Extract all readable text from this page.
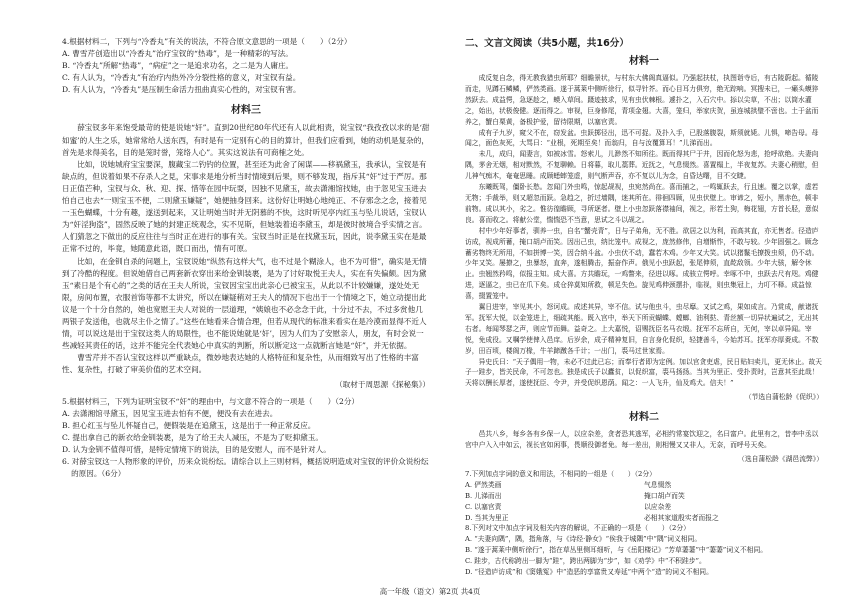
4.根据材料二，下列与“冷香丸”有关的说法，不符合原文意思的一项是（　　）（2分）

A. 曹雪芹创造出以“冷香丸”治疗宝钗的“热毒”，是一种精彩的写法。

B. “冷香丸”所解“热毒”，“病症”之一是追求功名，之二是为人庸庄。

C. 有人认为，“冷香丸”有治疗内热外冷分裂性格的意义，对宝钗有益。

D. 有人认为，“冷香丸”是压制生命活力扭曲真实心性的，对宝钗有害。

材料三

薛宝钗多年来饱受最苛的使是说她“奸”。直到20世纪80年代还有人以此相责，说宝钗“我孜孜以求的是‘甜如蜜’的人生之乐，她常常给人送东西，有时是有一定别有心的目的算计，但我们应看到，她的动机是复杂的，首先是求得美名，目的是笼时誉，笼络人心”。其实这说法有可商榷之处。

比如，说她城府宝宝要深，腹藏宝二钓钓的位置，甚至还为此舍了闲谋——移祸黛玉，我承认，宝钗是有缺点的，但说着如果不存杀人之見，宋事求是地分析当时情境到后果，则不够发现，指斥其“奸”过于严厉。那日正值芒种，宝钗与众、秋、迎、探、惜等在园中玩耍，因独不见黛玉，故去潇湘馆找她，由于忽见宝玉进去怕自己也去“一则宝玉不便，二则黛玉嫌疑”，她便抽身回来。这份好让明她心地纯正、不存邪念之念，接着见一玉色蝴蝶，十分有趣，遂送到起来，又让明她当时并无阴慕的不快，这时听见亭内红玉与坠儿说话，宝钗认为“奸淫狗盗”，固然反映了她的封建正统观念，实不见斯，但她装着追李黛玉，却是彼时彼境合乎实情之言。人们猜忽之下做出的反应往往与当时正在进行的事有关。宝钗当时正是在找黛玉玩，因此，说李黛玉实在是最正常不过的，毕竟，她随意此语，既口而出，情有可原。

比如，在金钏自杀的问题上，宝钗说她“纵然有这样大气，也不过是个糊涂人，也不为可惜”，确实是无情到了冷酷的程度。但说她借自己两套新衣穿出来给金钏装裹，是为了讨好取悦王夫人，实在有失偏颇。因为黛玉“素日是个有心的”之类的话在王夫人所说，宝钗因宝宝出此亲心已被宝玉，从此以不计较嫌嫌，遂处处无限，房间布置，衣服首饰等都不太讲究，所以在嫌疑稍对王夫人的情况下也出于一个情境之下，她立动提出此议是一个十分自然的，她也宽慰王夫人对说的一层道理，“姨娘也不必念念于此，十分过不去，不过多赏他几两银子发送他，也就尽主仆之情了。”这些在她看来合情合理，但若从现代的标准来看实在是冷漠而显得不近人情，可以说这是出于宝钗这类人的局限性，也不能说她就是‘奸’，因为人们为了安慰亲人，朋友，有时会说一些减轻其责任的话，这并不能完全代表她心中真实的判断，所以断定这一点就断言她是“奸”，并无依据。

曹雪芹并不否认宝钗这样以严重缺点，微妙地表达她的人格特征和复杂性，从而细致写出了性格的丰富性、复杂性，打破了审美价值的艺术空间。

（取材于周思源《探秘集》）

5.根据材料三，下列为证明宝钗不“奸”的理由中，与文意不符合的一项是（　　）（2分）

A. 去潇湘馆寻黛玉，因见宝玉进去怕有不便，便没有去在进去。

B. 担心红玉与坠儿怀疑自己，便假装是在追黛玉，这是出于一种正常反应。

C. 提出拿自己的新衣给金钏装裹，是为了给王夫人减压，不是为了贬抑黛玉。

D. 认为金钏不值得可惜，是特定情境下的说法，目的是安慰人，而不是针对人。

6. 对薛宝钗这一人物形象的评价，历来众说纷纭。请综合以上三则材料，概括说明造成对宝钗的评价众说纷纭的原因。（6分）

二、文言文阅读（共5小题，共16分）
材料一

成反复自念，得无教我猎虫所耶？细瞻景状，与村东大佛阁真逼似。乃强起扶杖，执图诣寺后，有古陵蔚起。循陵而走，见蹲石鳞鳞，俨然类画。遂于蒿莱中侧听徐行，似寻针芥。而心目耳力俱穷，绝无踪响。冥搜未已，一癞头蟆猝然跃去。成益愕，急逐趁之，蟆入草间。蹑迹披求，见有虫伏棘根。遽扑之，入石穴中。掭以尖草，不出；以筒水灌之，始出，状极俊健。逐而得之。审视，巨身修尾，青项金翅。大喜，笼归，举家庆贺，虽连城拱璧不啻也。土于盆而养之，蟹白栗黄，备极护爱，留待限期，以塞官责。

成有子九岁，窥父不在，窃发盆。虫跃掷径出，迅不可捉。及扑入手，已股落腹裂，斯须就毙。儿惧，啼告母。母闻之，面色灰死，大骂曰：“业根，死期至矣！而翁归，自与汝覆算耳！”儿涕而出。

未几，成归，闻妻言，如被冰雪。怒索儿，儿渺然不知所往。既而得其尸于井，因而化怒为悲，抢呼欲绝。夫妻向隅，茅舍无烟，相对默然，不复聊赖。日将暮，取儿藁葬。近抚之，气息惙然。喜置榻上，半夜复苏。夫妻心稍慰，但儿神气痴木，奄奄思睡。成顾蟋蟀笼虚，则气断声吞，亦不复以儿为念，自昏达曙，目不交睫。

东曦既驾，僵卧长愁。忽闻门外虫鸣，惊起觇视，虫宛然尚在。喜而捕之，一鸣辄跃去，行且速。覆之以掌，虚若无物；手裁举，则又超忽而跃。急趋之，折过墙隅，迷其所在。徘徊四顾，见虫伏壁上。审谛之，短小，黑赤色，顿非前物。成以其小，劣之。惟彷徨瞻顾，寻所逐者。壁上小虫忽跃落襟袖间，视之，形若土狗，梅花翅，方首长胫，意似良。喜而收之。将献公堂，惴惴恐不当意，思试之斗以觇之。

村中少年好事者，驯养一虫，自名“蟹壳青”，日与子弟角，无不胜。欲居之以为利，而高其直，亦无售者。径造庐访成，视成所蓄，掩口胡卢而笑。因出己虫，纳比笼中。成视之，庞然修伟，自增惭怍，不敢与较。少年固强之。顾念蓄劣物终无所用，不如拼博一笑，因合纳斗盆。小虫伏不动，蠢若木鸡。少年又大笑。试以猪鬣毛撩拨虫须，仍不动。少年又笑。屡撩之，虫暴怒，直奔，遂相腾击，振奋作声。俄见小虫跃起，张尾伸须，直龁敌领。少年大骇，解令休止。虫翘然矜鸣，似报主知。成大喜。方共瞻玩，一鸡瞥来，径进以啄。成骇立愕呼。幸啄不中，虫跃去尺有咫。鸡健进，逐逼之，虫已在爪下矣。成仓猝莫知所救，顿足失色。旋见鸡伸颈摆扑，临视，则虫集冠上，力叮不释。成益惊喜，掇置笼中。

翼日进宰，宰见其小，怒诃成。成述其异，宰不信。试与他虫斗，虫尽靡。又试之鸡，果如成言。乃赏成，献诸抚军。抚军大悦，以金笼进上，细疏其能。既入宫中，举天下所贡蝴蝶、螳螂、油利挞、青丝额一切异状遍试之，无出其右者。每闻琴瑟之声，则应节而舞。益奇之。上大嘉悦，诏赐抚臣名马衣缎。抚军不忘所自，无何，宰以卓异闻。宰悦，免成役。又嘱学使俾入邑庠。后岁余，成子精神复旧，自言身化促织，轻捷善斗，今始苏耳。抚军亦厚赉成。不数岁，田百顷，楼阁万椽，牛羊蹄躈各千计；一出门，裘马过世家焉。

异史氏曰：“天子偶用一物，未必不过此已忘；而奉行者即为定例。加以官贪吏虐，民日贴妇卖儿，更无休止。故天子一跬步，皆关民命，不可忽也。独是成氏子以蠹贫，以促织富，裘马扬扬。当其为里正、受扑责时，岂意其至此哉！天将以酬长厚者，遂使抚臣、令尹，并受促织恩荫。闻之：一人飞升，仙及鸡犬。信夫！”

（节选自蒲松龄《促织》）

材料二

邑共八乡，每乡各有乡保一人，以应杂差，贪者恐其逃军，必相约常宴饮迎之，名曰富户。此里有之，昔李中丞以官中户入入中如云，视长官如闲事，畏顺役御者免。每一差出，则相慢又又非人，无奈，而呼号天矣。

（选自蒲松龄《湖邑流弊》）

7.下列加点字词的意义和用法，不相同的一组是（　　）（2分）

A. 俨然类画	气息惙然
B. 儿涕而出	掩口胡卢而笑
C. 以塞官责	以应杂差
D. 当其为里正	必相其家道殷实者而报之

8.下列对文中加点字词及相关内容的解说，不正确的一项是（　　）（2分）

A. “夫妻向隅”，隅，指角落，与《诗经·静女》“俟我于城隅”中“隅”词义相同。

B. “遂于蒿莱中侧听徐行”，指在草丛里侧耳细听，与《岳阳楼记》“芳草萋萋”中“萋萋”词义不相同。

C. 跬步，古代称跨出一脚为“跬”，跨出两脚为“步”，如《劝学》中“不积跬步”。

D. “径造庐访成”和《窦娥冤》中“造恶的享富贵又寿延”中两个“造”的词义不相同。

高一年级（语文）第2页 共4页
